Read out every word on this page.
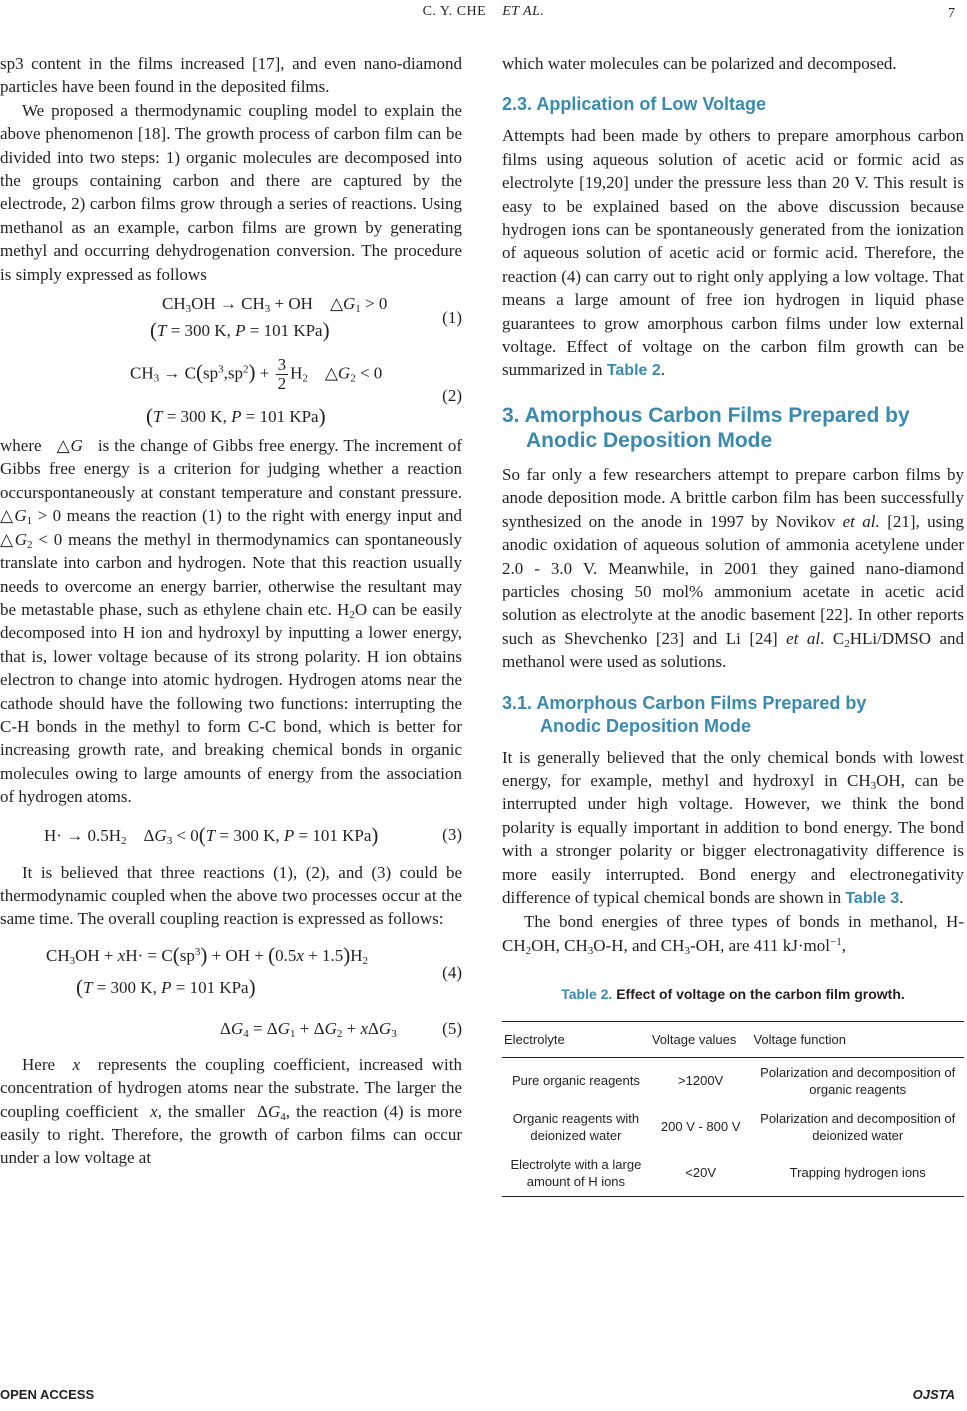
C. Y. CHE ET AL.	7

sp3 content in the films increased [17], and even nano-diamond particles have been found in the deposited films.

We proposed a thermodynamic coupling model to explain the above phenomenon [18]. The growth process of carbon film can be divided into two steps: 1) organic molecules are decomposed into the groups containing carbon and there are captured by the electrode, 2) carbon films grow through a series of reactions. Using methanol as an example, carbon films are grown by generating methyl and occurring dehydrogenation conversion. The procedure is simply expressed as follows

$CH_3OH \to CH_3$ + OH    $\triangle G_1 > 0$
(T = 300 K, P = 101 KPa)
(1)
$CH_3 \to C(sp^3,sp^2) + \frac{3}{2} H_2$    $\triangle G_2 < 0$
(T = 300 K, P = 101 KPa)
(2)

where   △G is the change of Gibbs free energy. The increment of Gibbs free energy is a criterion for judging whether a reaction occurspontaneously at constant temperature and constant pressure. $\triangle G_1 > 0$ means the reaction (1) to the right with energy input and $\triangle G_2 < 0$ means the methyl in thermodynamics can spontaneously translate into carbon and hydrogen. Note that this reaction usually needs to overcome an energy barrier, otherwise the resultant may be metastable phase, such as ethylene chain etc. $H_2O$ can be easily decomposed into H ion and hydroxyl by inputting a lower energy, that is, lower voltage because of its strong polarity. H ion obtains electron to change into atomic hydrogen. Hydrogen atoms near the cathode should have the following two functions: interrupting the C-H bonds in the methyl to form C-C bond, which is better for increasing growth rate, and breaking chemical bonds in organic molecules owing to large amounts of energy from the association of hydrogen atoms.

$H\cdot \to 0.5H_2$    $\Delta G_3 < 0(T = 300$ K, P = 101 KPa)	(3)

It is believed that three reactions (1), (2), and (3) could be thermodynamic coupled when the above two processes occur at the same time. The overall coupling reaction is expressed as follows:

$CH_3OH + xH\cdot = C(sp^3)$ + OH + $(0.5x + 1.5)H_2$
(T = 300 K, P = 101 KPa)
(4)
$\Delta G_4 = \Delta G_1 + \Delta G_2 + x\Delta G_3$	(5)

Here x represents the coupling coefficient, increased with concentration of hydrogen atoms near the substrate. The larger the coupling coefficient x, the smaller  $\Delta G_4$, the reaction (4) is more easily to right. Therefore, the growth of carbon films can occur under a low voltage at

which water molecules can be polarized and decomposed.

2.3. Application of Low Voltage

Attempts had been made by others to prepare amorphous carbon films using aqueous solution of acetic acid or formic acid as electrolyte [19,20] under the pressure less than 20 V. This result is easy to be explained based on the above discussion because hydrogen ions can be spontaneously generated from the ionization of aqueous solution of acetic acid or formic acid. Therefore, the reaction (4) can carry out to right only applying a low voltage. That means a large amount of free ion hydrogen in liquid phase guarantees to grow amorphous carbon films under low external voltage. Effect of voltage on the carbon film growth can be summarized in Table 2.

3. Amorphous Carbon Films Prepared by
Anodic Deposition Mode

So far only a few researchers attempt to prepare carbon films by anode deposition mode. A brittle carbon film has been successfully synthesized on the anode in 1997 by Novikov et al. [21], using anodic oxidation of aqueous solution of ammonia acetylene under 2.0 - 3.0 V. Meanwhile, in 2001 they gained nano-diamond particles chosing 50 mol% ammonium acetate in acetic acid solution as electrolyte at the anodic basement [22]. In other reports such as Shevchenko [23] and Li [24] et al. $C_2HLi$/DMSO and methanol were used as solutions.

3.1. Amorphous Carbon Films Prepared by
Anodic Deposition Mode

It is generally believed that the only chemical bonds with lowest energy, for example, methyl and hydroxyl in $CH_3OH$, can be interrupted under high voltage. However, we think the bond polarity is equally important in addition to bond energy. The bond with a stronger polarity or bigger electronagativity difference is more easily interrupted. Bond energy and electronegativity difference of typical chemical bonds are shown in Table 3.

The bond energies of three types of bonds in methanol, $H-CH_2OH$, $CH_3O-H$, and $CH_3-OH$, are 411 kJ·mol$^{-1}$,

Table 2. Effect of voltage on the carbon film growth.
Electrolyte	Voltage values	Voltage function
Pure organic reagents	>1200V	Polarization and decomposition of organic reagents
Organic reagents with deionized water	200 V - 800 V	Polarization and decomposition of deionized water
Electrolyte with a large amount of H ions	<20V	Trapping hydrogen ions
OPEN ACCESS	OJSTA
